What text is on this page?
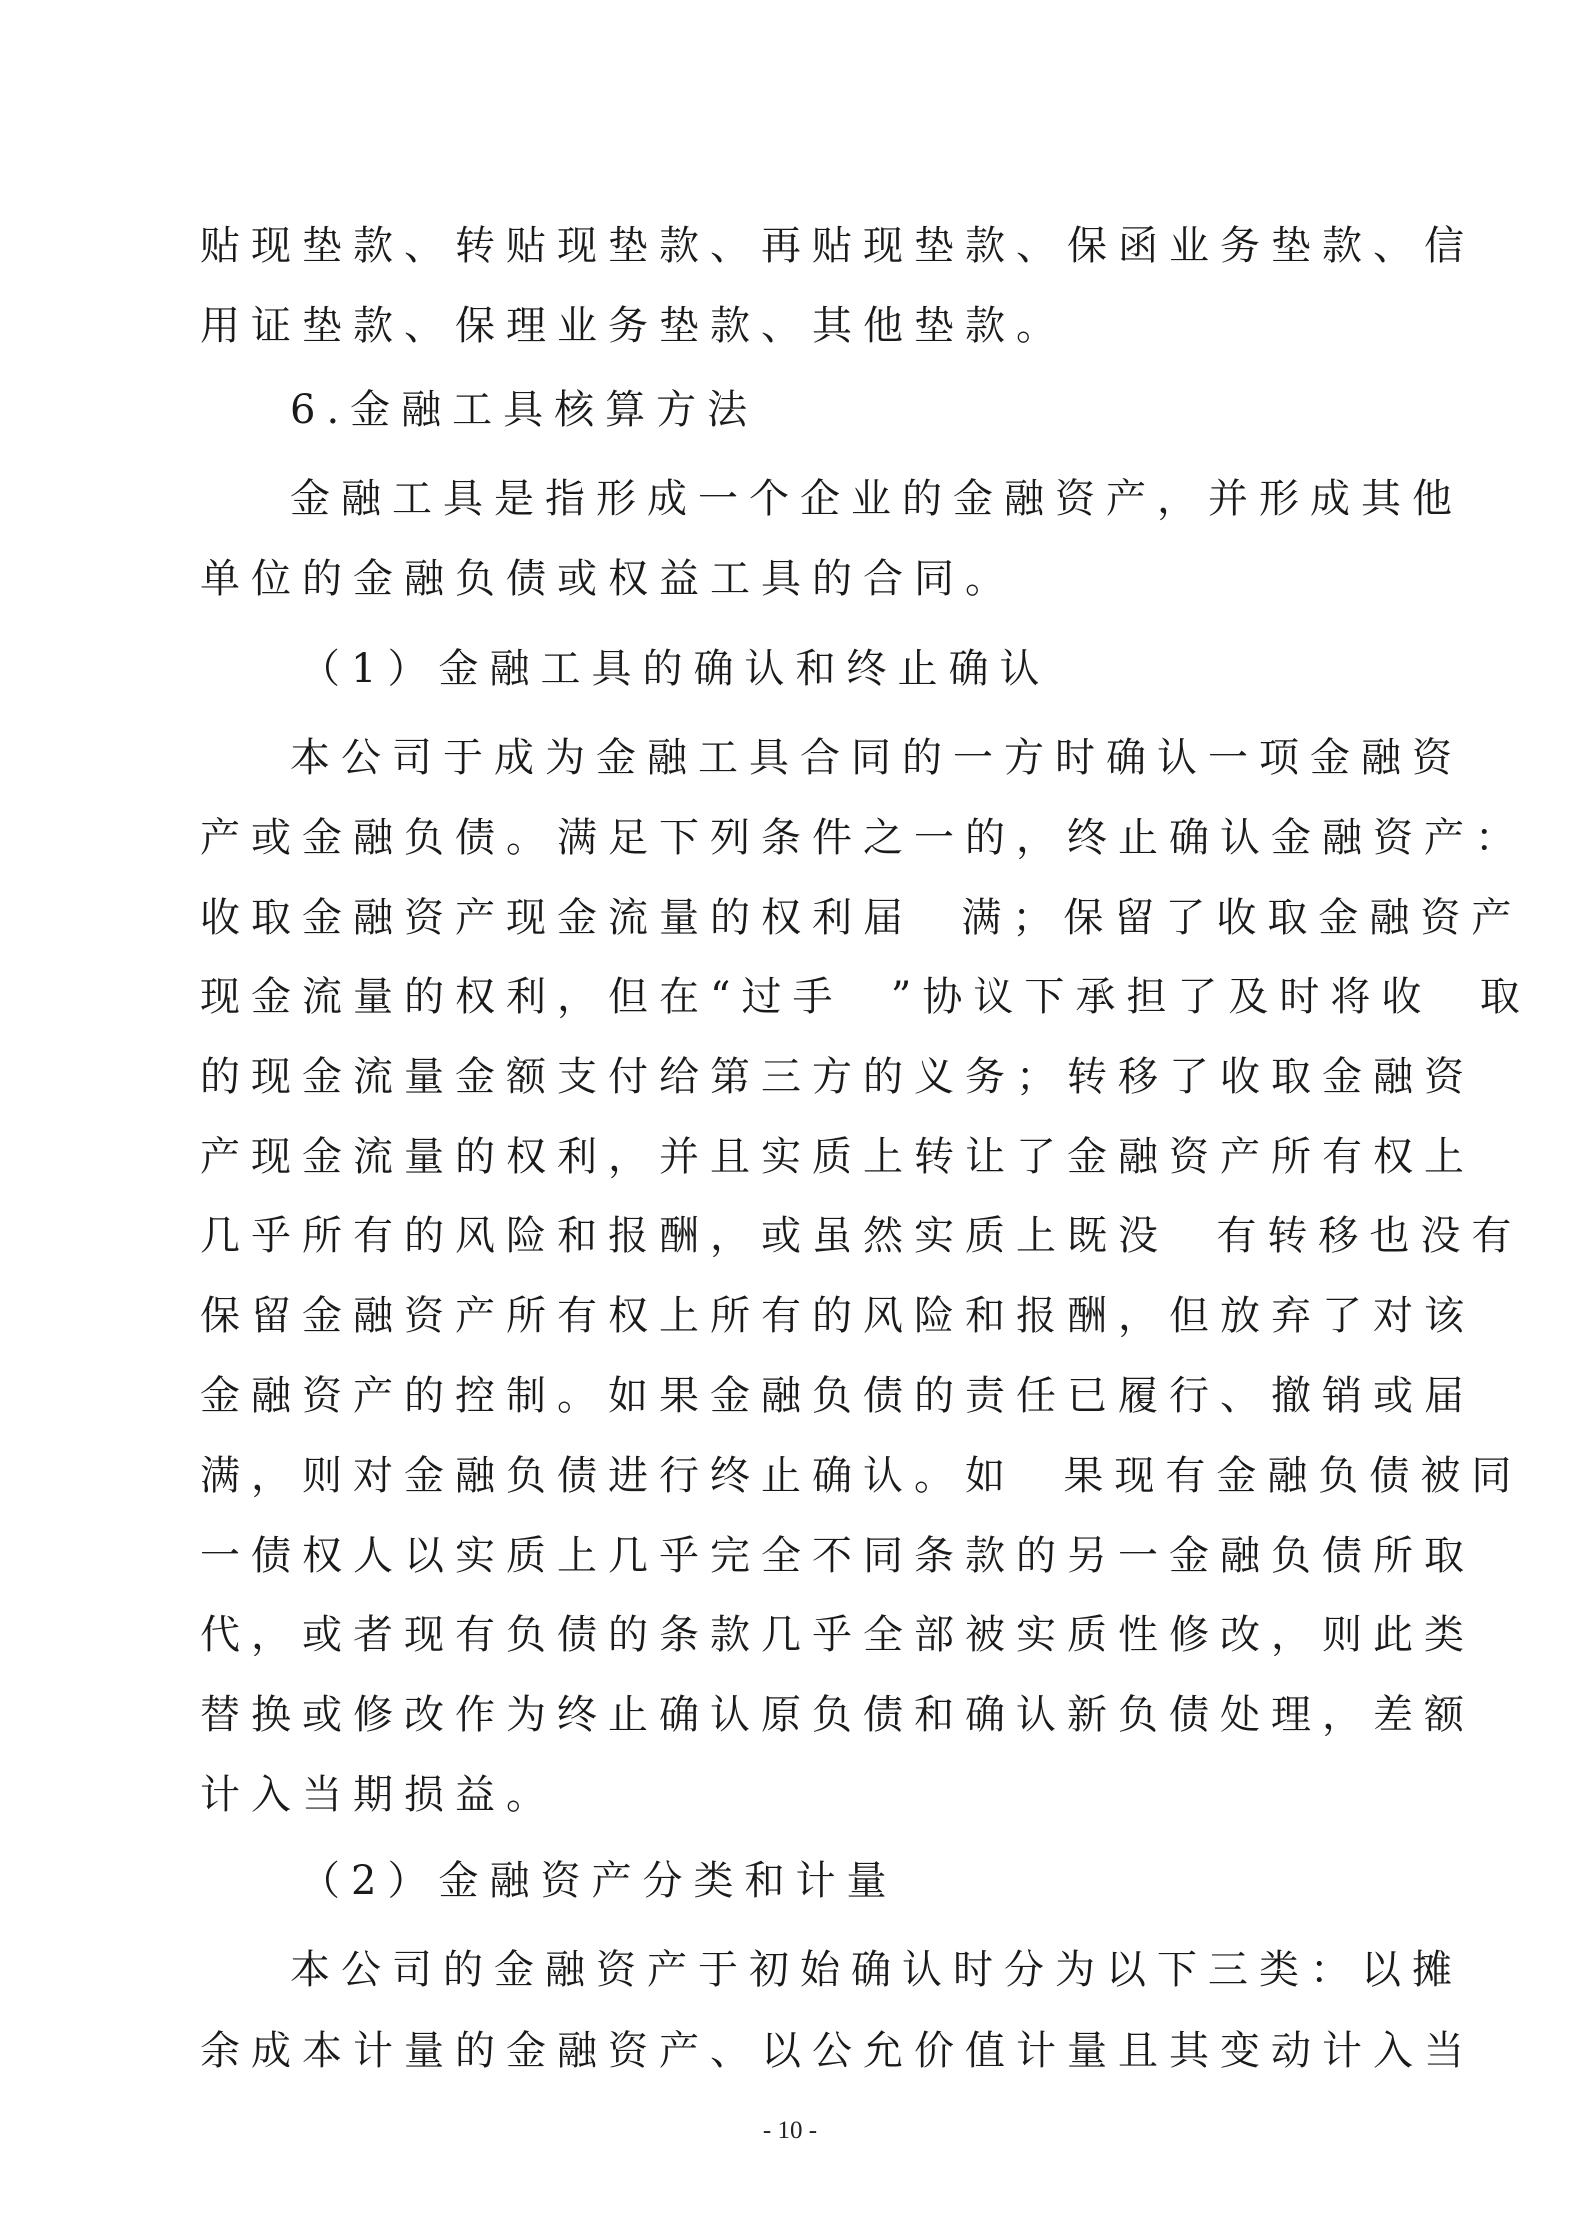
贴现垫款、转贴现垫款、再贴现垫款、保函业务垫款、信
用证垫款、保理业务垫款、其他垫款。
6.金融工具核算方法
金融工具是指形成一个企业的金融资产，并形成其他
单位的金融负债或权益工具的合同。
（1）金融工具的确认和终止确认
本公司于成为金融工具合同的一方时确认一项金融资
产或金融负债。满足下列条件之一的，终止确认金融资产：
收取金融资产现金流量的权利届  满；保留了收取金融资产
现金流量的权利，但在“过手  ”协议下承担了及时将收  取
的现金流量金额支付给第三方的义务；转移了收取金融资
产现金流量的权利，并且实质上转让了金融资产所有权上
几乎所有的风险和报酬，或虽然实质上既没  有转移也没有
保留金融资产所有权上所有的风险和报酬，但放弃了对该
金融资产的控制。如果金融负债的责任已履行、撤销或届
满，则对金融负债进行终止确认。如  果现有金融负债被同
一债权人以实质上几乎完全不同条款的另一金融负债所取
代，或者现有负债的条款几乎全部被实质性修改，则此类
替换或修改作为终止确认原负债和确认新负债处理，差额
计入当期损益。
（2）金融资产分类和计量
本公司的金融资产于初始确认时分为以下三类：以摊
余成本计量的金融资产、以公允价值计量且其变动计入当
- 10 -
